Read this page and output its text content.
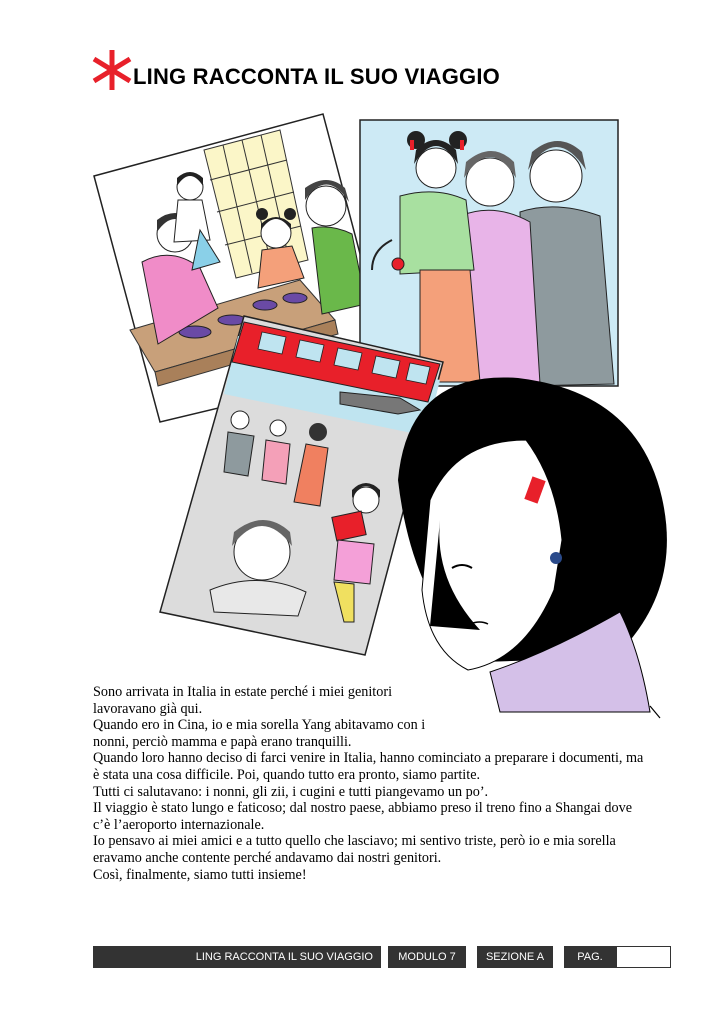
LING RACCONTA IL SUO VIAGGIO

Sono arrivata in Italia in estate perché i miei genitori

lavoravano già qui.

Quando ero in Cina, io e mia sorella Yang abitavamo con i

nonni, perciò mamma e papà erano tranquilli.

Quando loro hanno deciso di farci venire in Italia, hanno cominciato a preparare i documenti, ma

è stata una cosa difficile. Poi, quando tutto era pronto, siamo partite.

Tutti ci salutavano: i nonni, gli zii, i cugini e tutti piangevamo un po’.

Il viaggio è stato lungo e faticoso; dal nostro paese, abbiamo preso il treno fino a Shangai dove

c’è l’aeroporto internazionale.

Io pensavo ai miei amici e a tutto quello che lasciavo; mi sentivo triste, però io e mia sorella

eravamo anche contente perché andavamo dai nostri genitori.

Così, finalmente, siamo tutti insieme!

LING RACCONTA IL SUO VIAGGIO	MODULO 7	SEZIONE A	PAG.
